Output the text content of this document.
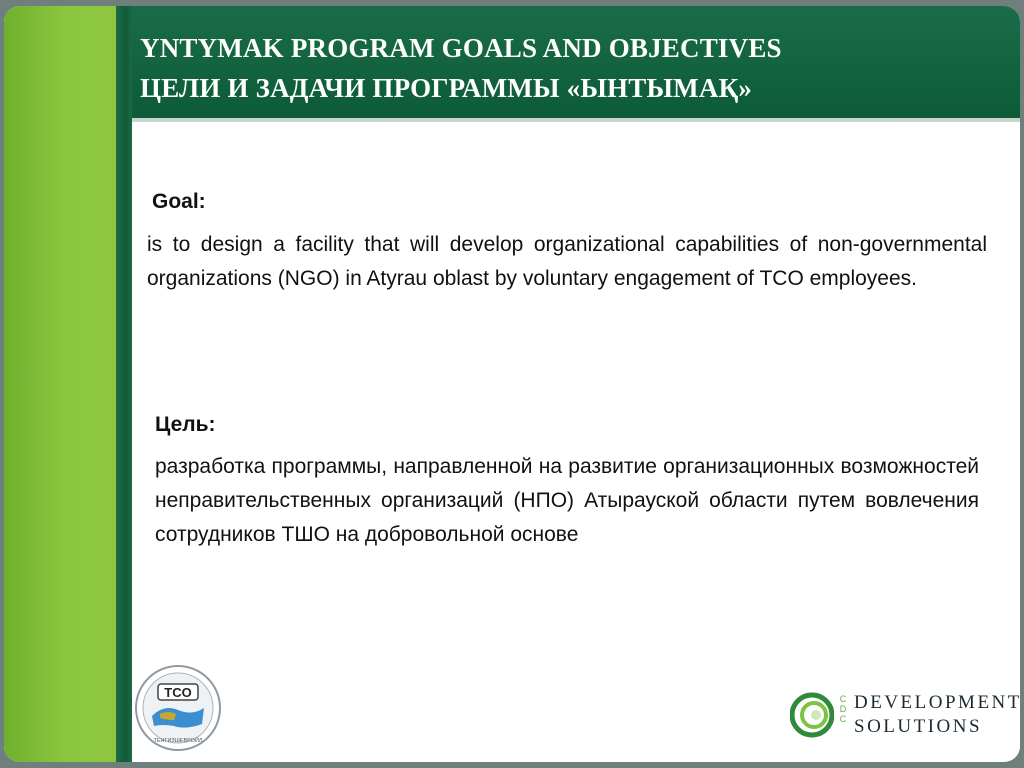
YNTYMAK PROGRAM GOALS AND OBJECTIVES
ЦЕЛИ И ЗАДАЧИ ПРОГРАММЫ «ЫНТЫМАҚ»
Goal:
is to design a facility that will develop organizational capabilities of non-governmental organizations (NGO) in Atyrau oblast by voluntary engagement of TCO employees.
Цель:
разработка программы, направленной на развитие организационных возможностей неправительственных организаций (НПО) Атырауской области путем вовлечения сотрудников ТШО на добровольной основе
TCO
ТЕНГИЗШЕВРОЙЛ
CDC DEVELOPMENT
SOLUTIONS
